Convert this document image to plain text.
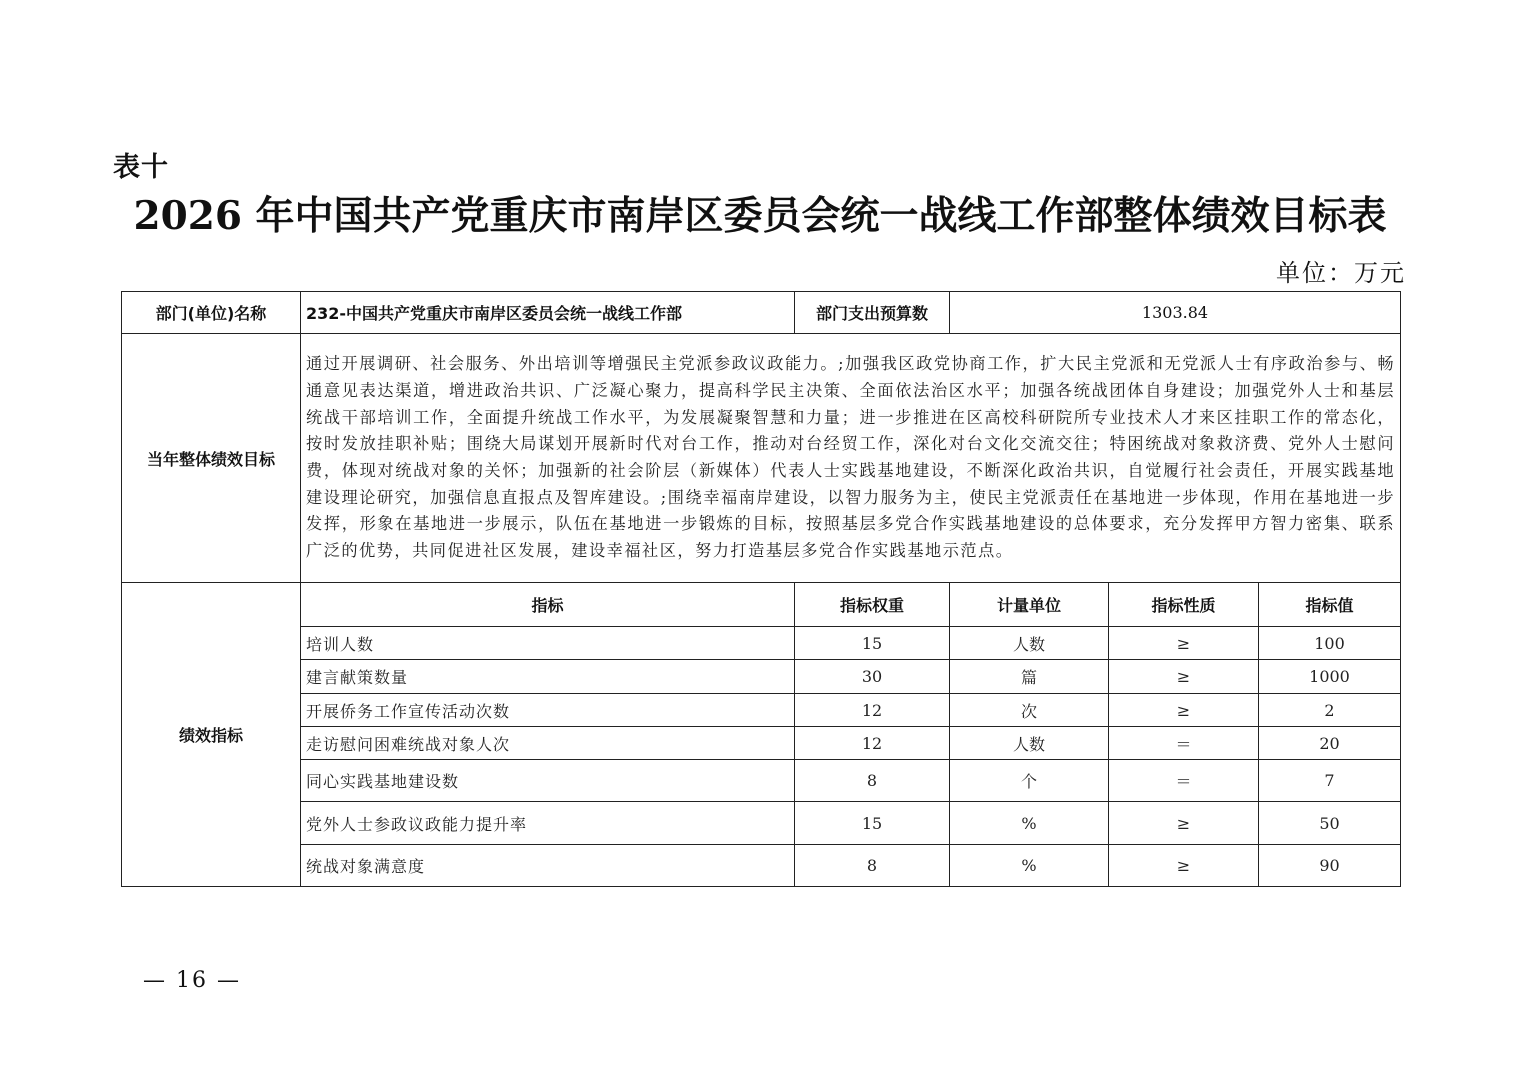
表十
2026 年中国共产党重庆市南岸区委员会统一战线工作部整体绩效目标表
单位：万元
部门(单位)名称	232-中国共产党重庆市南岸区委员会统一战线工作部	部门支出预算数	1303.84		
当年整体绩效目标	通过开展调研、社会服务、外出培训等增强民主党派参政议政能力。;加强我区政党协商工作，扩大民主党派和无党派人士有序政治参与、畅通意见表达渠道，增进政治共识、广泛凝心聚力，提高科学民主决策、全面依法治区水平；加强各统战团体自身建设；加强党外人士和基层统战干部培训工作，全面提升统战工作水平，为发展凝聚智慧和力量；进一步推进在区高校科研院所专业技术人才来区挂职工作的常态化，按时发放挂职补贴；围绕大局谋划开展新时代对台工作，推动对台经贸工作，深化对台文化交流交往；特困统战对象救济费、党外人士慰问费，体现对统战对象的关怀；加强新的社会阶层（新媒体）代表人士实践基地建设，不断深化政治共识，自觉履行社会责任，开展实践基地建设理论研究，加强信息直报点及智库建设。;围绕幸福南岸建设，以智力服务为主，使民主党派责任在基地进一步体现，作用在基地进一步发挥，形象在基地进一步展示，队伍在基地进一步锻炼的目标，按照基层多党合作实践基地建设的总体要求，充分发挥甲方智力密集、联系广泛的优势，共同促进社区发展，建设幸福社区，努力打造基层多党合作实践基地示范点。				
绩效指标	指标	指标权重	计量单位	指标性质	指标值
	培训人数	15	人数	≥	100
	建言献策数量	30	篇	≥	1000
	开展侨务工作宣传活动次数	12	次	≥	2
	走访慰问困难统战对象人次	12	人数	＝	20
	同心实践基地建设数	8	个	＝	7
	党外人士参政议政能力提升率	15	%	≥	50
	统战对象满意度	8	%	≥	90
— 16 —
